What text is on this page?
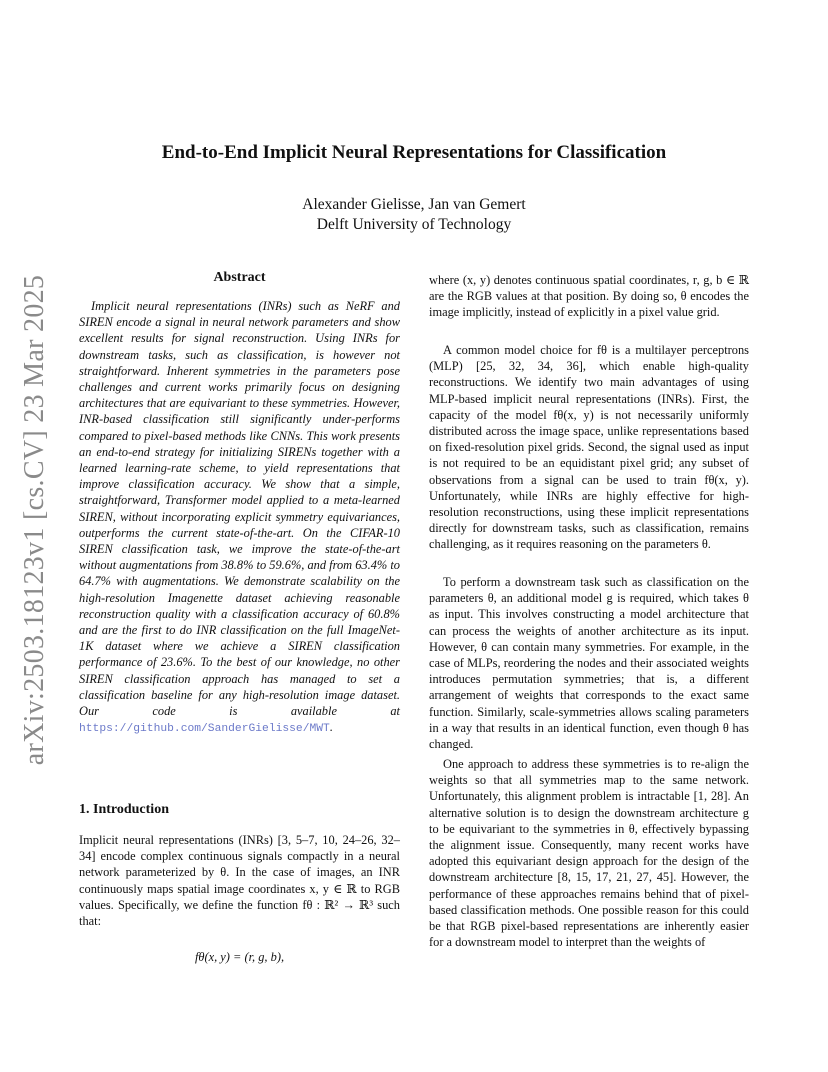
arXiv:2503.18123v1 [cs.CV] 23 Mar 2025
End-to-End Implicit Neural Representations for Classification
Alexander Gielisse, Jan van Gemert
Delft University of Technology
Abstract

Implicit neural representations (INRs) such as NeRF and SIREN encode a signal in neural network parameters and show excellent results for signal reconstruction. Using INRs for downstream tasks, such as classification, is however not straightforward. Inherent symmetries in the parameters pose challenges and current works primarily focus on designing architectures that are equivariant to these symmetries. However, INR-based classification still significantly under-performs compared to pixel-based methods like CNNs. This work presents an end-to-end strategy for initializing SIRENs together with a learned learning-rate scheme, to yield representations that improve classification accuracy. We show that a simple, straightforward, Transformer model applied to a meta-learned SIREN, without incorporating explicit symmetry equivariances, outperforms the current state-of-the-art. On the CIFAR-10 SIREN classification task, we improve the state-of-the-art without augmentations from 38.8% to 59.6%, and from 63.4% to 64.7% with augmentations. We demonstrate scalability on the high-resolution Imagenette dataset achieving reasonable reconstruction quality with a classification accuracy of 60.8% and are the first to do INR classification on the full ImageNet-1K dataset where we achieve a SIREN classification performance of 23.6%. To the best of our knowledge, no other SIREN classification approach has managed to set a classification baseline for any high-resolution image dataset. Our code is available at https://github.com/SanderGielisse/MWT.

1. Introduction

Implicit neural representations (INRs) [3, 5–7, 10, 24–26, 32–34] encode complex continuous signals compactly in a neural network parameterized by θ. In the case of images, an INR continuously maps spatial image coordinates x, y ∈ ℝ to RGB values. Specifically, we define the function fθ : ℝ² → ℝ³ such that:

fθ(x, y) = (r, g, b),

where (x, y) denotes continuous spatial coordinates, r, g, b ∈ ℝ are the RGB values at that position. By doing so, θ encodes the image implicitly, instead of explicitly in a pixel value grid.

A common model choice for fθ is a multilayer perceptrons (MLP) [25, 32, 34, 36], which enable high-quality reconstructions. We identify two main advantages of using MLP-based implicit neural representations (INRs). First, the capacity of the model fθ(x, y) is not necessarily uniformly distributed across the image space, unlike representations based on fixed-resolution pixel grids. Second, the signal used as input is not required to be an equidistant pixel grid; any subset of observations from a signal can be used to train fθ(x, y). Unfortunately, while INRs are highly effective for high-resolution reconstructions, using these implicit representations directly for downstream tasks, such as classification, remains challenging, as it requires reasoning on the parameters θ.

To perform a downstream task such as classification on the parameters θ, an additional model g is required, which takes θ as input. This involves constructing a model architecture that can process the weights of another architecture as its input. However, θ can contain many symmetries. For example, in the case of MLPs, reordering the nodes and their associated weights introduces permutation symmetries; that is, a different arrangement of weights that corresponds to the exact same function. Similarly, scale-symmetries allows scaling parameters in a way that results in an identical function, even though θ has changed.

One approach to address these symmetries is to re-align the weights so that all symmetries map to the same network. Unfortunately, this alignment problem is intractable [1, 28]. An alternative solution is to design the downstream architecture g to be equivariant to the symmetries in θ, effectively bypassing the alignment issue. Consequently, many recent works have adopted this equivariant design approach for the design of the downstream architecture [8, 15, 17, 21, 27, 45]. However, the performance of these approaches remains behind that of pixel-based classification methods. One possible reason for this could be that RGB pixel-based representations are inherently easier for a downstream model to interpret than the weights of
